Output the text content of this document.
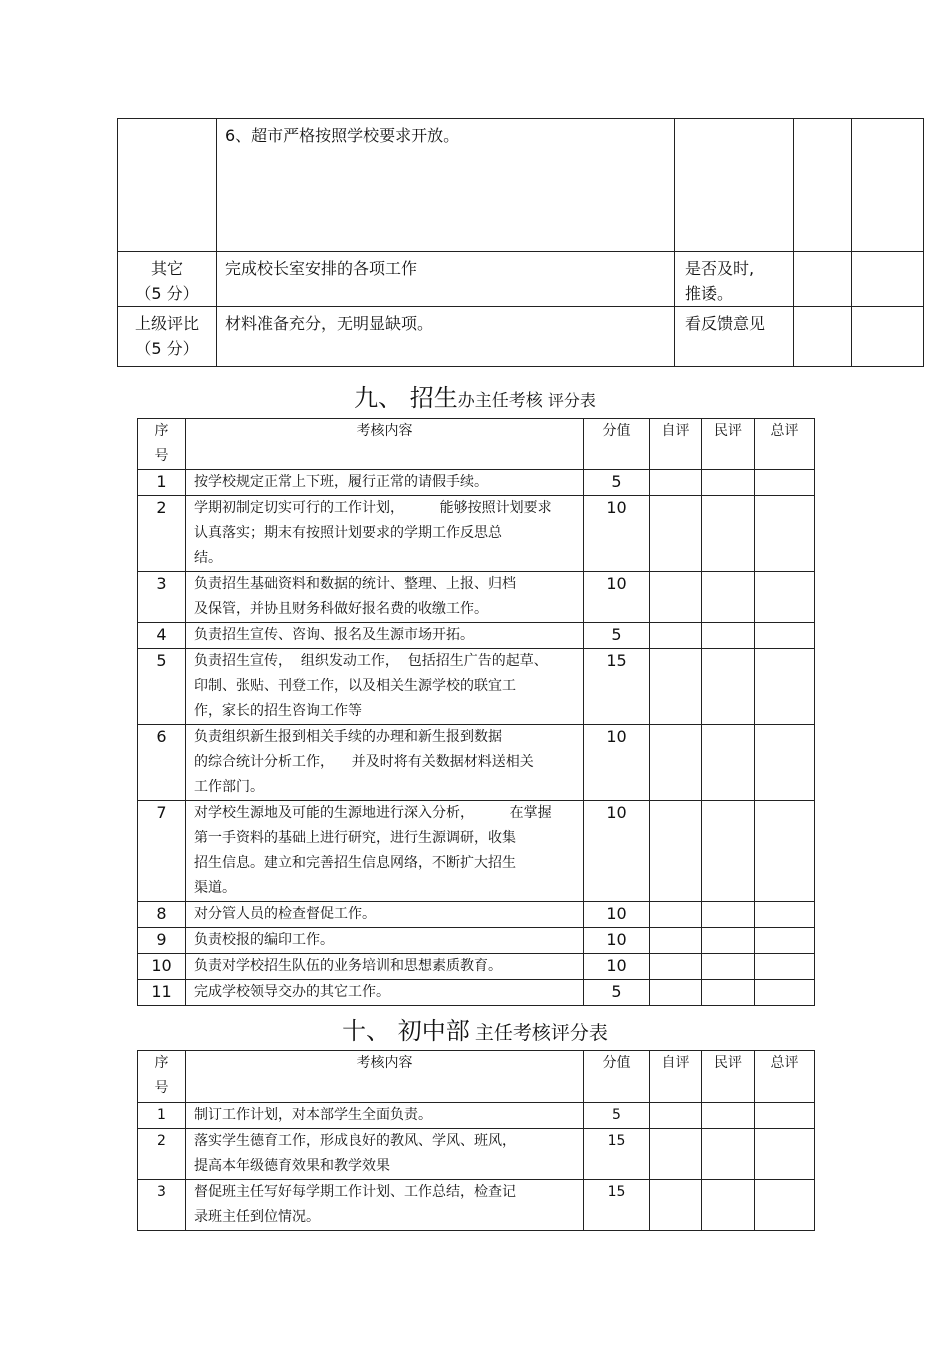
	6、超市严格按照学校要求开放。			
其它
（5 分）	完成校长室安排的各项工作	是否及时,
推诿。		
上级评比
（5 分）	材料准备充分，无明显缺项。	看反馈意见		
九、 招生办主任考核 评分表
序
号	考核内容	分值	自评	民评	总评
1	按学校规定正常上下班，履行正常的请假手续。	5			
2	学期初制定切实可行的工作计划，        能够按照计划要求
认真落实；期末有按照计划要求的学期工作反思总
结。	10			
3	负责招生基础资料和数据的统计、整理、上报、归档
及保管，并协且财务科做好报名费的收缴工作。	10			
4	负责招生宣传、咨询、报名及生源市场开拓。	5			
5	负责招生宣传，  组织发动工作，  包括招生广告的起草、
印制、张贴、刊登工作，以及相关生源学校的联宜工
作，家长的招生咨询工作等	15			
6	负责组织新生报到相关手续的办理和新生报到数据
的综合统计分析工作，    并及时将有关数据材料送相关
工作部门。	10			
7	对学校生源地及可能的生源地进行深入分析，        在掌握
第一手资料的基础上进行研究，进行生源调研，收集
招生信息。建立和完善招生信息网络，不断扩大招生
渠道。	10			
8	对分管人员的检查督促工作。	10			
9	负责校报的编印工作。	10			
10	负责对学校招生队伍的业务培训和思想素质教育。	10			
11	完成学校领导交办的其它工作。	5			
十、 初中部 主任考核评分表
序
号	考核内容	分值	自评	民评	总评
1	制订工作计划，对本部学生全面负责。	5			
2	落实学生德育工作，形成良好的教风、学风、班风，
提高本年级德育效果和教学效果	15			
3	督促班主任写好每学期工作计划、工作总结，检查记
录班主任到位情况。	15			
